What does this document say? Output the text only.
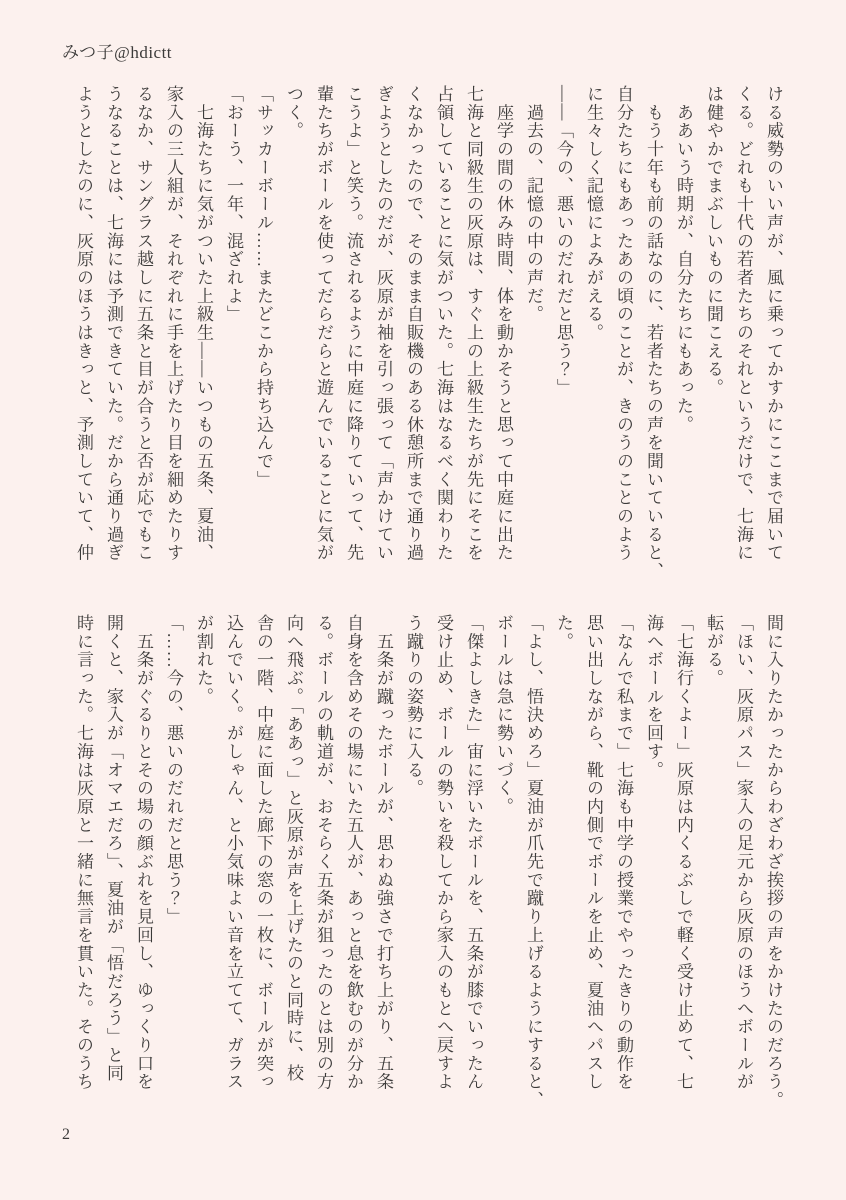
みつ子@hdictt
ける威勢のいい声が、風に乗ってかすかにここまで届いて
くる。どれも十代の若者たちのそれというだけで、七海に
は健やかでまぶしいものに聞こえる。
　ああいう時期が、自分たちにもあった。
　もう十年も前の話なのに、若者たちの声を聞いていると、
自分たちにもあったあの頃のことが、きのうのことのよう
に生々しく記憶によみがえる。
――「今の、悪いのだれだと思う？」
　過去の、記憶の中の声だ。
　座学の間の休み時間、体を動かそうと思って中庭に出た
七海と同級生の灰原は、すぐ上の上級生たちが先にそこを
占領していることに気がついた。七海はなるべく関わりた
くなかったので、そのまま自販機のある休憩所まで通り過
ぎようとしたのだが、灰原が袖を引っ張って「声かけてい
こうよ」と笑う。流されるように中庭に降りていって、先
輩たちがボールを使ってだらだらと遊んでいることに気が
つく。
「サッカーボール……またどこから持ち込んで」
「おーう、一年、混ざれよ」
　七海たちに気がついた上級生――いつもの五条、夏油、
家入の三人組が、それぞれに手を上げたり目を細めたりす
るなか、サングラス越しに五条と目が合うと否が応でもこ
うなることは、七海には予測できていた。だから通り過ぎ
ようとしたのに、灰原のほうはきっと、予測していて、仲
間に入りたかったからわざわざ挨拶の声をかけたのだろう。
「ほい、灰原パス」家入の足元から灰原のほうへボールが
転がる。
「七海行くよー」灰原は内くるぶしで軽く受け止めて、七
海へボールを回す。
「なんで私まで」七海も中学の授業でやったきりの動作を
思い出しながら、靴の内側でボールを止め、夏油へパスし
た。
「よし、悟決めろ」夏油が爪先で蹴り上げるようにすると、
ボールは急に勢いづく。
「傑よしきた」宙に浮いたボールを、五条が膝でいったん
受け止め、ボールの勢いを殺してから家入のもとへ戻すよ
う蹴りの姿勢に入る。
　五条が蹴ったボールが、思わぬ強さで打ち上がり、五条
自身を含めその場にいた五人が、あっと息を飲むのが分か
る。ボールの軌道が、おそらく五条が狙ったのとは別の方
向へ飛ぶ。「ああっ」と灰原が声を上げたのと同時に、校
舎の一階、中庭に面した廊下の窓の一枚に、ボールが突っ
込んでいく。がしゃん、と小気味よい音を立てて、ガラス
が割れた。
「……今の、悪いのだれだと思う？」
　五条がぐるりとその場の顔ぶれを見回し、ゆっくり口を
開くと、家入が「オマエだろ」、夏油が「悟だろう」と同
時に言った。七海は灰原と一緒に無言を貫いた。そのうち
2
